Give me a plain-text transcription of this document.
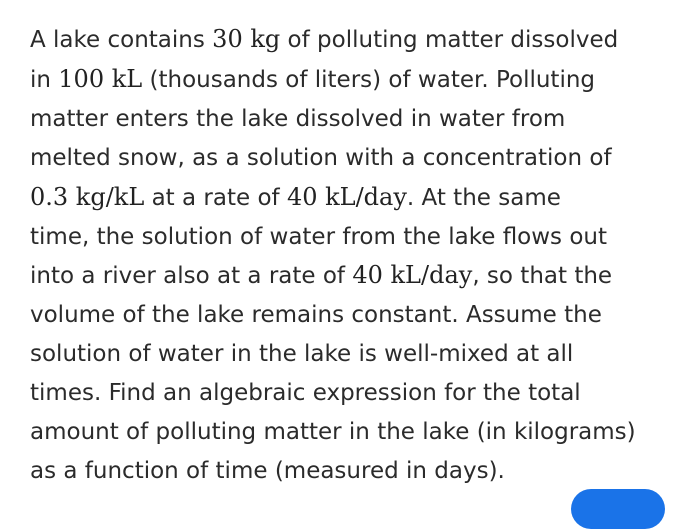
A lake contains 30 kg of polluting matter dissolved
in 100 kL (thousands of liters) of water. Polluting
matter enters the lake dissolved in water from
melted snow, as a solution with a concentration of
0.3 kg/kL at a rate of 40 kL/day. At the same
time, the solution of water from the lake flows out
into a river also at a rate of 40 kL/day, so that the
volume of the lake remains constant. Assume the
solution of water in the lake is well-mixed at all
times. Find an algebraic expression for the total
amount of polluting matter in the lake (in kilograms)
as a function of time (measured in days).
